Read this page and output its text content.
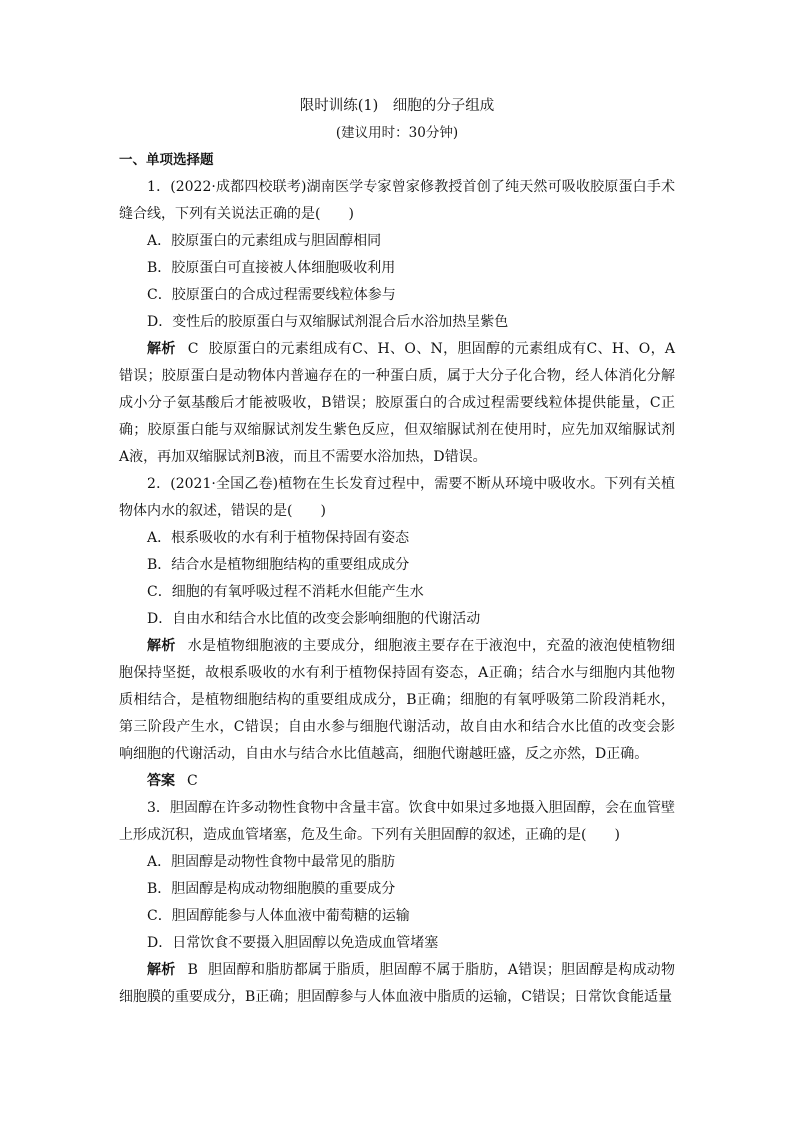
限时训练(1)　细胞的分子组成

(建议用时：30分钟)

一、单项选择题

1．(2022·成都四校联考)湖南医学专家曾家修教授首创了纯天然可吸收胶原蛋白手术缝合线，下列有关说法正确的是(　　)

A．胶原蛋白的元素组成与胆固醇相同

B．胶原蛋白可直接被人体细胞吸收利用

C．胶原蛋白的合成过程需要线粒体参与

D．变性后的胶原蛋白与双缩脲试剂混合后水浴加热呈紫色

解析 C 胶原蛋白的元素组成有C、H、O、N，胆固醇的元素组成有C、H、O，A错误；胶原蛋白是动物体内普遍存在的一种蛋白质，属于大分子化合物，经人体消化分解成小分子氨基酸后才能被吸收，B错误；胶原蛋白的合成过程需要线粒体提供能量，C正确；胶原蛋白能与双缩脲试剂发生紫色反应，但双缩脲试剂在使用时，应先加双缩脲试剂A液，再加双缩脲试剂B液，而且不需要水浴加热，D错误。

2．(2021·全国乙卷)植物在生长发育过程中，需要不断从环境中吸收水。下列有关植物体内水的叙述，错误的是(　　)

A．根系吸收的水有利于植物保持固有姿态

B．结合水是植物细胞结构的重要组成成分

C．细胞的有氧呼吸过程不消耗水但能产生水

D．自由水和结合水比值的改变会影响细胞的代谢活动

解析 水是植物细胞液的主要成分，细胞液主要存在于液泡中，充盈的液泡使植物细胞保持坚挺，故根系吸收的水有利于植物保持固有姿态，A正确；结合水与细胞内其他物质相结合，是植物细胞结构的重要组成成分，B正确；细胞的有氧呼吸第二阶段消耗水，第三阶段产生水，C错误；自由水参与细胞代谢活动，故自由水和结合水比值的改变会影响细胞的代谢活动，自由水与结合水比值越高，细胞代谢越旺盛，反之亦然，D正确。

答案 C

3．胆固醇在许多动物性食物中含量丰富。饮食中如果过多地摄入胆固醇，会在血管壁上形成沉积，造成血管堵塞，危及生命。下列有关胆固醇的叙述，正确的是(　　)

A．胆固醇是动物性食物中最常见的脂肪

B．胆固醇是构成动物细胞膜的重要成分

C．胆固醇能参与人体血液中葡萄糖的运输

D．日常饮食不要摄入胆固醇以免造成血管堵塞

解析 B 胆固醇和脂肪都属于脂质，胆固醇不属于脂肪，A错误；胆固醇是构成动物细胞膜的重要成分，B正确；胆固醇参与人体血液中脂质的运输，C错误；日常饮食能适量
